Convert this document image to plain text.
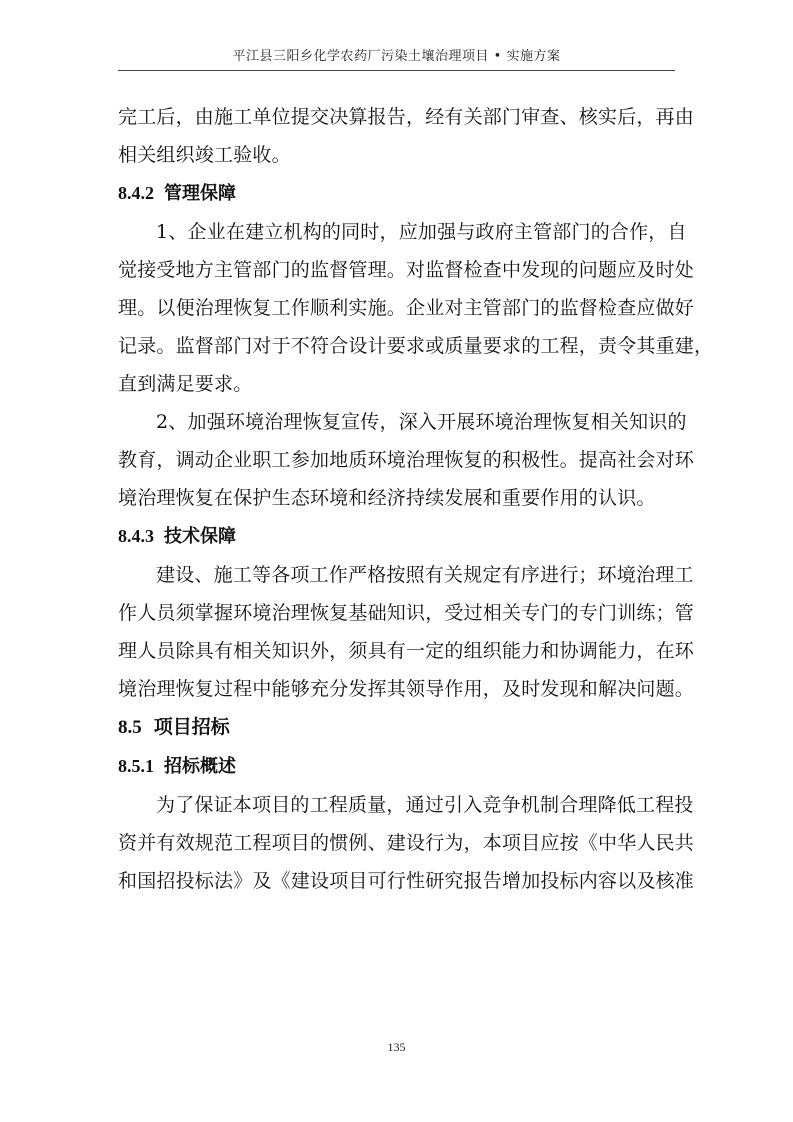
平江县三阳乡化学农药厂污染土壤治理项目 • 实施方案

完工后，由施工单位提交决算报告，经有关部门审查、核实后，再由
相关组织竣工验收。

8.4.2 管理保障

1、企业在建立机构的同时，应加强与政府主管部门的合作，自
觉接受地方主管部门的监督管理。对监督检查中发现的问题应及时处
理。以便治理恢复工作顺利实施。企业对主管部门的监督检查应做好
记录。监督部门对于不符合设计要求或质量要求的工程，责令其重建，
直到满足要求。

2、加强环境治理恢复宣传，深入开展环境治理恢复相关知识的
教育，调动企业职工参加地质环境治理恢复的积极性。提高社会对环
境治理恢复在保护生态环境和经济持续发展和重要作用的认识。

8.4.3 技术保障

建设、施工等各项工作严格按照有关规定有序进行；环境治理工
作人员须掌握环境治理恢复基础知识，受过相关专门的专门训练；管
理人员除具有相关知识外，须具有一定的组织能力和协调能力，在环
境治理恢复过程中能够充分发挥其领导作用，及时发现和解决问题。

8.5 项目招标
8.5.1 招标概述

为了保证本项目的工程质量，通过引入竞争机制合理降低工程投
资并有效规范工程项目的惯例、建设行为，本项目应按《中华人民共
和国招投标法》及《建设项目可行性研究报告增加投标内容以及核准

135
